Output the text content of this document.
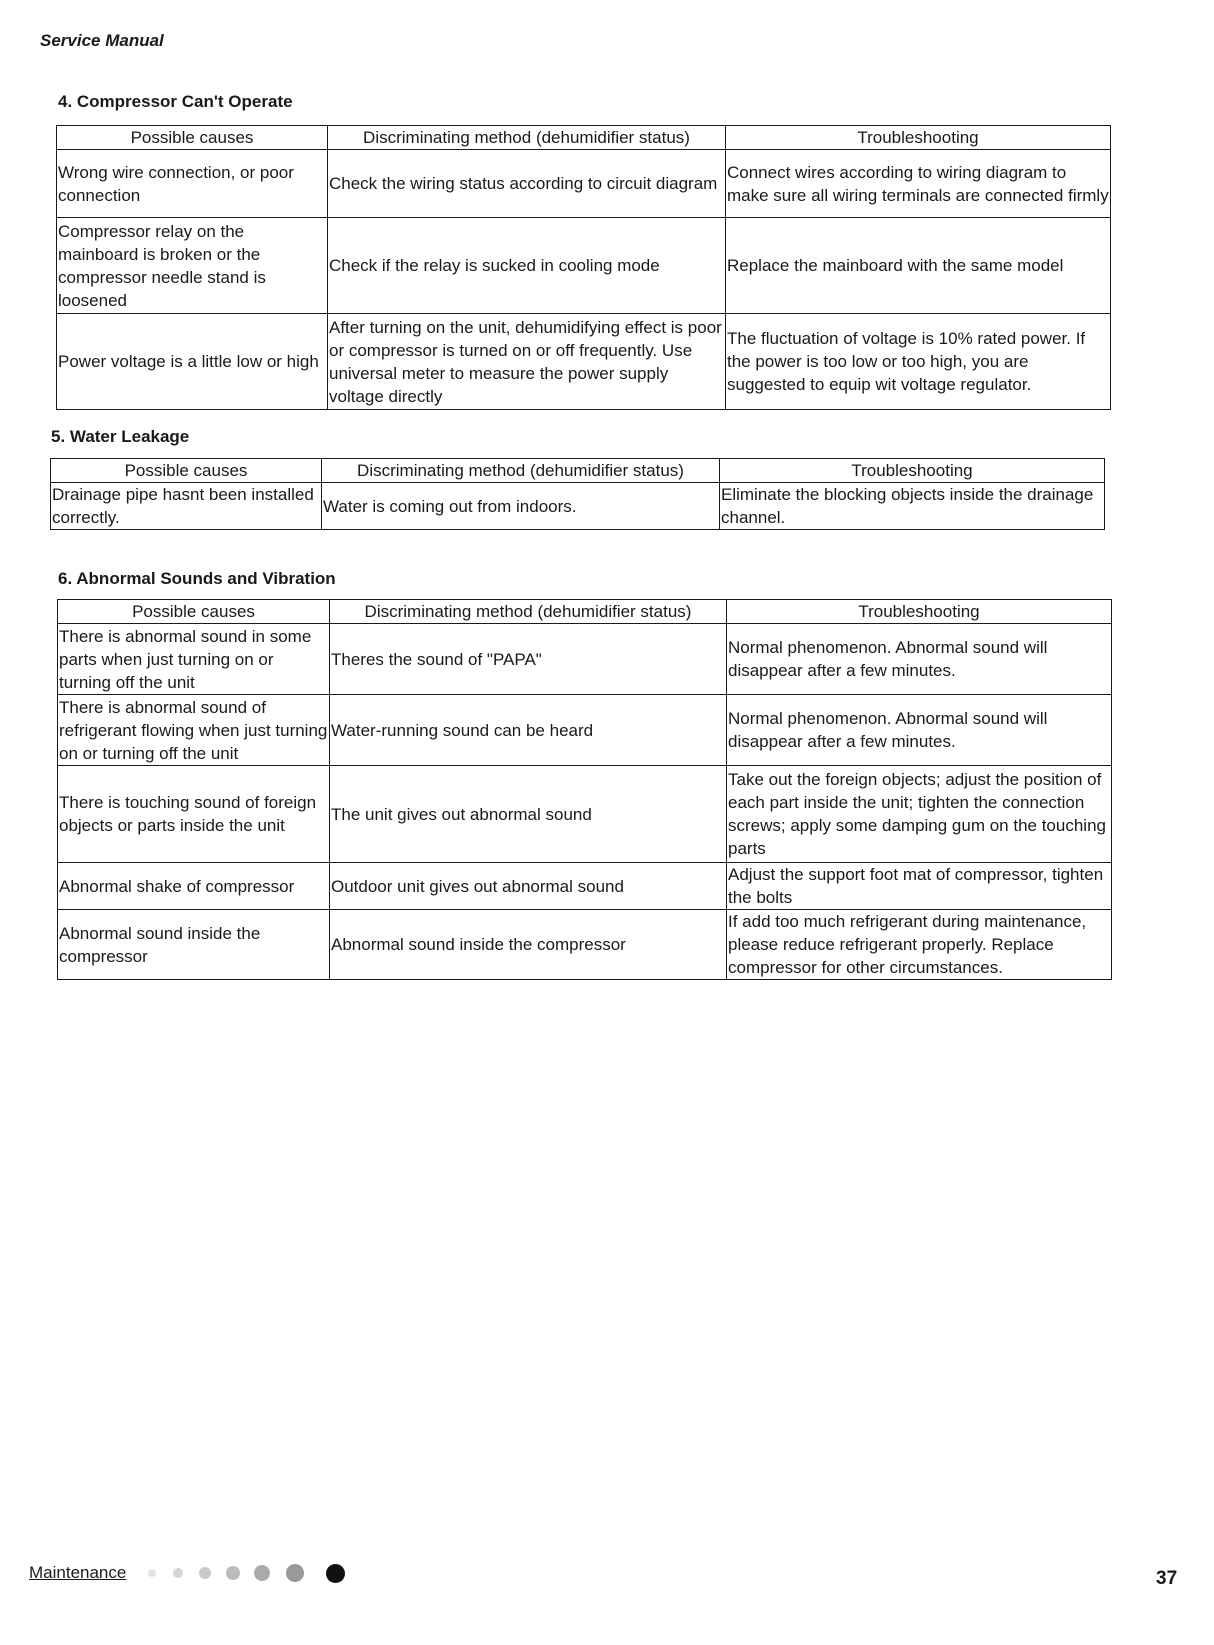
Service Manual
4. Compressor Can't Operate
Possible causes	Discriminating method (dehumidifier status)	Troubleshooting
Wrong wire connection, or poor connection	Check the wiring status according to circuit diagram	Connect wires according to wiring diagram to make sure all wiring terminals are connected firmly
Compressor relay on the mainboard is broken or the compressor needle stand is loosened	Check if the relay is sucked in cooling mode	Replace the mainboard with the same model
Power voltage is a little low or high	After turning on the unit, dehumidifying effect is poor or compressor is turned on or off frequently. Use universal meter to measure the power supply voltage directly	The fluctuation of voltage is 10% rated power. If the power is too low or too high, you are suggested to equip wit voltage regulator.
5. Water Leakage
Possible causes	Discriminating method (dehumidifier status)	Troubleshooting
Drainage pipe hasnt been installed correctly.	Water is coming out from indoors.	Eliminate the blocking objects inside the drainage channel.
6. Abnormal Sounds and Vibration
Possible causes	Discriminating method (dehumidifier status)	Troubleshooting
There is abnormal sound in some parts when just turning on or turning off the unit	Theres the sound of "PAPA"	Normal phenomenon. Abnormal sound will disappear after a few minutes.
There is abnormal sound of refrigerant flowing when just turning on or turning off the unit	Water-running sound can be heard	Normal phenomenon. Abnormal sound will disappear after a few minutes.
There is touching sound of foreign objects or parts inside the unit	The unit gives out abnormal sound	Take out the foreign objects; adjust the position of each part inside the unit; tighten the connection screws; apply some damping gum on the touching parts
Abnormal shake of compressor	Outdoor unit gives out abnormal sound	Adjust the support foot mat of compressor, tighten the bolts
Abnormal sound inside the compressor	Abnormal sound inside the compressor	If add too much refrigerant during maintenance, please reduce refrigerant properly. Replace compressor for other circumstances.
Maintenance	37
